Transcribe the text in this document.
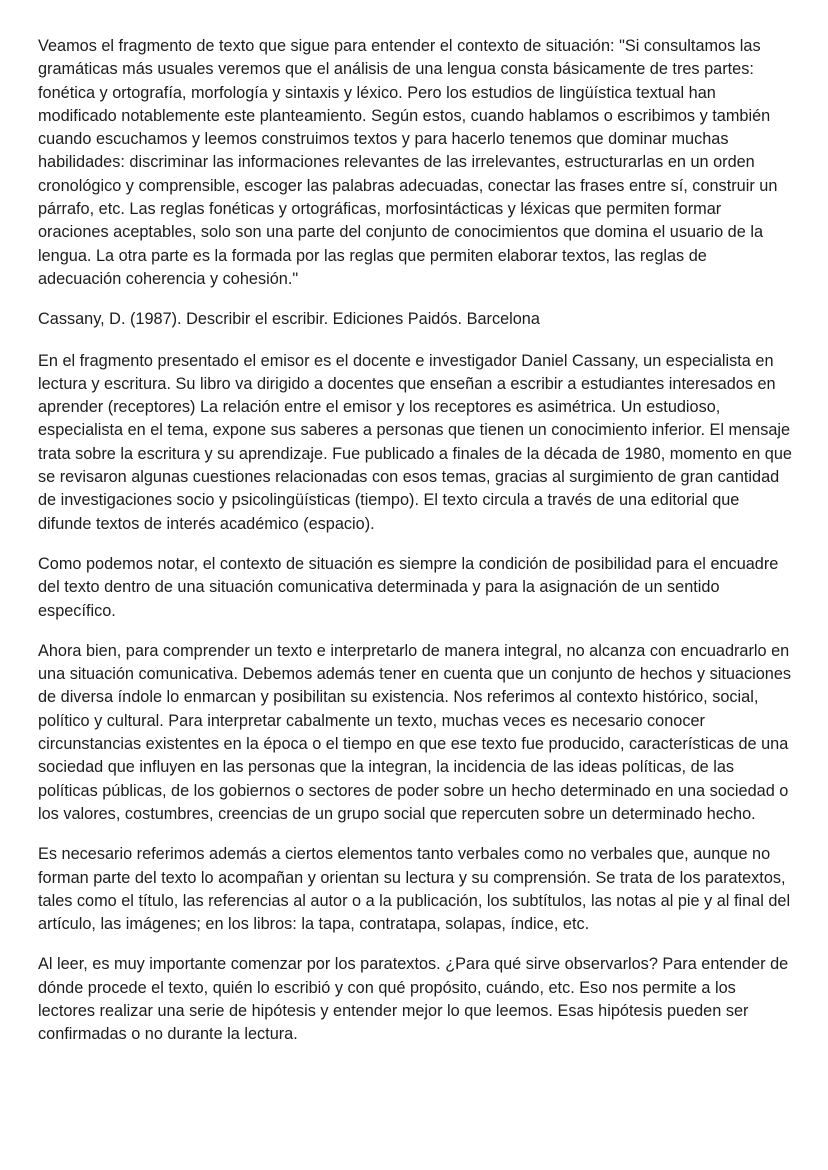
Veamos el fragmento de texto que sigue para entender el contexto de situación: "Si consultamos las gramáticas más usuales veremos que el análisis de una lengua consta básicamente de tres partes: fonética y ortografía, morfología y sintaxis y léxico. Pero los estudios de lingüística textual han modificado notablemente este planteamiento. Según estos, cuando hablamos o escribimos y también cuando escuchamos y leemos construimos textos y para hacerlo tenemos que dominar muchas habilidades: discriminar las informaciones relevantes de las irrelevantes, estructurarlas en un orden cronológico y comprensible, escoger las palabras adecuadas, conectar las frases entre sí, construir un párrafo, etc. Las reglas fonéticas y ortográficas, morfosintácticas y léxicas que permiten formar oraciones aceptables, solo son una parte del conjunto de conocimientos que domina el usuario de la lengua. La otra parte es la formada por las reglas que permiten elaborar textos, las reglas de adecuación coherencia y cohesión."

Cassany, D. (1987). Describir el escribir. Ediciones Paidós. Barcelona

En el fragmento presentado el emisor es el docente e investigador Daniel Cassany, un especialista en lectura y escritura. Su libro va dirigido a docentes que enseñan a escribir a estudiantes interesados en aprender (receptores) La relación entre el emisor y los receptores es asimétrica. Un estudioso, especialista en el tema, expone sus saberes a personas que tienen un conocimiento inferior. El mensaje trata sobre la escritura y su aprendizaje. Fue publicado a finales de la década de 1980, momento en que se revisaron algunas cuestiones relacionadas con esos temas, gracias al surgimiento de gran cantidad de investigaciones socio y psicolingüísticas (tiempo). El texto circula a través de una editorial que difunde textos de interés académico (espacio).

Como podemos notar, el contexto de situación es siempre la condición de posibilidad para el encuadre del texto dentro de una situación comunicativa determinada y para la asignación de un sentido específico.

Ahora bien, para comprender un texto e interpretarlo de manera integral, no alcanza con encuadrarlo en una situación comunicativa. Debemos además tener en cuenta que un conjunto de hechos y situaciones de diversa índole lo enmarcan y posibilitan su existencia. Nos referimos al contexto histórico, social, político y cultural. Para interpretar cabalmente un texto, muchas veces es necesario conocer circunstancias existentes en la época o el tiempo en que ese texto fue producido, características de una sociedad que influyen en las personas que la integran, la incidencia de las ideas políticas, de las políticas públicas, de los gobiernos o sectores de poder sobre un hecho determinado en una sociedad o los valores, costumbres, creencias de un grupo social que repercuten sobre un determinado hecho.

Es necesario referimos además a ciertos elementos tanto verbales como no verbales que, aunque no forman parte del texto lo acompañan y orientan su lectura y su comprensión. Se trata de los paratextos, tales como el título, las referencias al autor o a la publicación, los subtítulos, las notas al pie y al final del artículo, las imágenes; en los libros: la tapa, contratapa, solapas, índice, etc.

Al leer, es muy importante comenzar por los paratextos. ¿Para qué sirve observarlos? Para entender de dónde procede el texto, quién lo escribió y con qué propósito, cuándo, etc. Eso nos permite a los lectores realizar una serie de hipótesis y entender mejor lo que leemos. Esas hipótesis pueden ser confirmadas o no durante la lectura.
